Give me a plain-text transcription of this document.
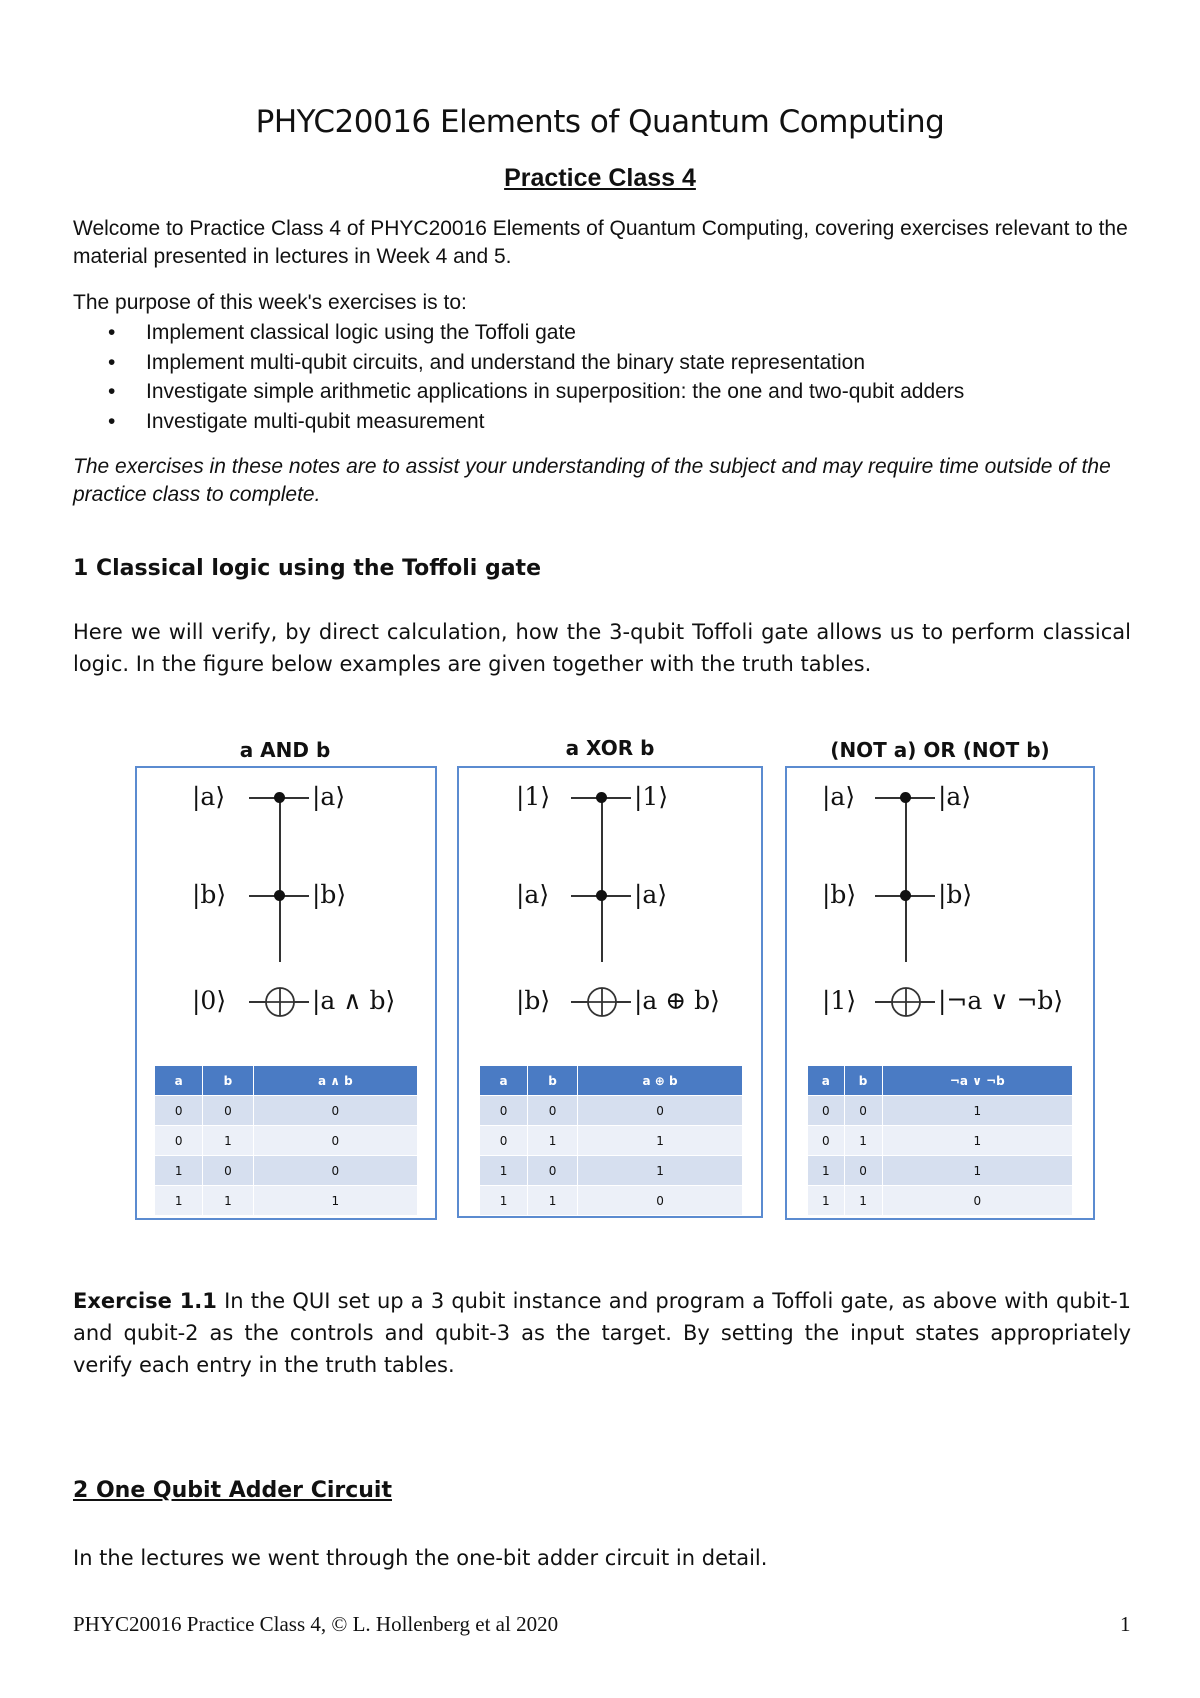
PHYC20016 Elements of Quantum Computing
Practice Class 4
Welcome to Practice Class 4 of PHYC20016 Elements of Quantum Computing, covering exercises relevant to the material presented in lectures in Week 4 and 5.
The purpose of this week's exercises is to:
• Implement classical logic using the Toffoli gate
• Implement multi-qubit circuits, and understand the binary state representation
• Investigate simple arithmetic applications in superposition: the one and two-qubit adders
• Investigate multi-qubit measurement
The exercises in these notes are to assist your understanding of the subject and may require time outside of the practice class to complete.
1 Classical logic using the Toffoli gate
Here we will verify, by direct calculation, how the 3-qubit Toffoli gate allows us to perform classical logic. In the figure below examples are given together with the truth tables.
a AND b
|a⟩
|b⟩
|0⟩
|a⟩
|b⟩
|a ∧ b⟩
a	b	a ∧ b
0	0	0
0	1	0
1	0	0
1	1	1
a XOR b
|1⟩
|a⟩
|b⟩
|1⟩
|a⟩
|a ⊕ b⟩
a	b	a ⊕ b
0	0	0
0	1	1
1	0	1
1	1	0
(NOT a) OR (NOT b)
|a⟩
|b⟩
|1⟩
|a⟩
|b⟩
|¬a ∨ ¬b⟩
a	b	¬a ∨ ¬b
0	0	1
0	1	1
1	0	1
1	1	0
Exercise 1.1 In the QUI set up a 3 qubit instance and program a Toffoli gate, as above with qubit-1 and qubit-2 as the controls and qubit-3 as the target. By setting the input states appropriately verify each entry in the truth tables.
2 One Qubit Adder Circuit
In the lectures we went through the one-bit adder circuit in detail.
PHYC20016 Practice Class 4, © L. Hollenberg et al 2020	1
